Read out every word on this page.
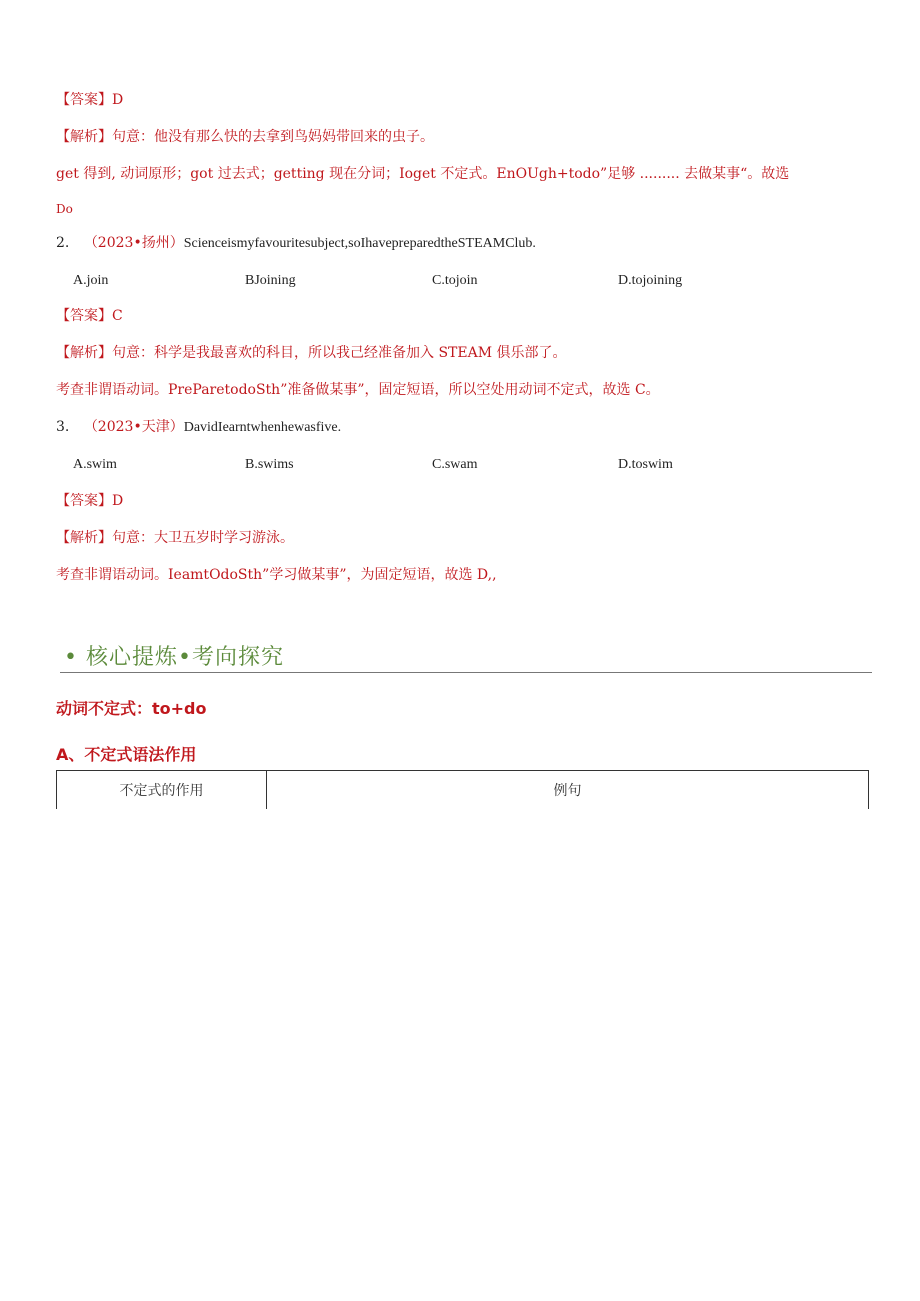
【答案】D
【解析】句意：他没有那么快的去拿到鸟妈妈带回来的虫子。
get 得到, 动词原形；got 过去式；getting 现在分词；Ioget 不定式。EnOUgh+todo”足够 ......... 去做某事“。故选
Do
2. （2023•扬州）Scienceismyfavouritesubject,soIhavepreparedtheSTEAMClub.
A.join	BJoining	C.tojoin	D.tojoining
【答案】C
【解析】句意：科学是我最喜欢的科目，所以我己经准备加入 STEAM 俱乐部了。
考查非谓语动词。PreParetodoSth”准备做某事”，固定短语，所以空处用动词不定式，故选 C。
3. （2023•天津）DavidIearntwhenhewasfive.
A.swim	B.swims	C.swam	D.toswim
【答案】D
【解析】句意：大卫五岁时学习游泳。
考查非谓语动词。IeamtOdoSth”学习做某事”，为固定短语，故选 D,,
• 核心提炼•考向探究
动词不定式：to+do
A、不定式语法作用
不定式的作用	例句
